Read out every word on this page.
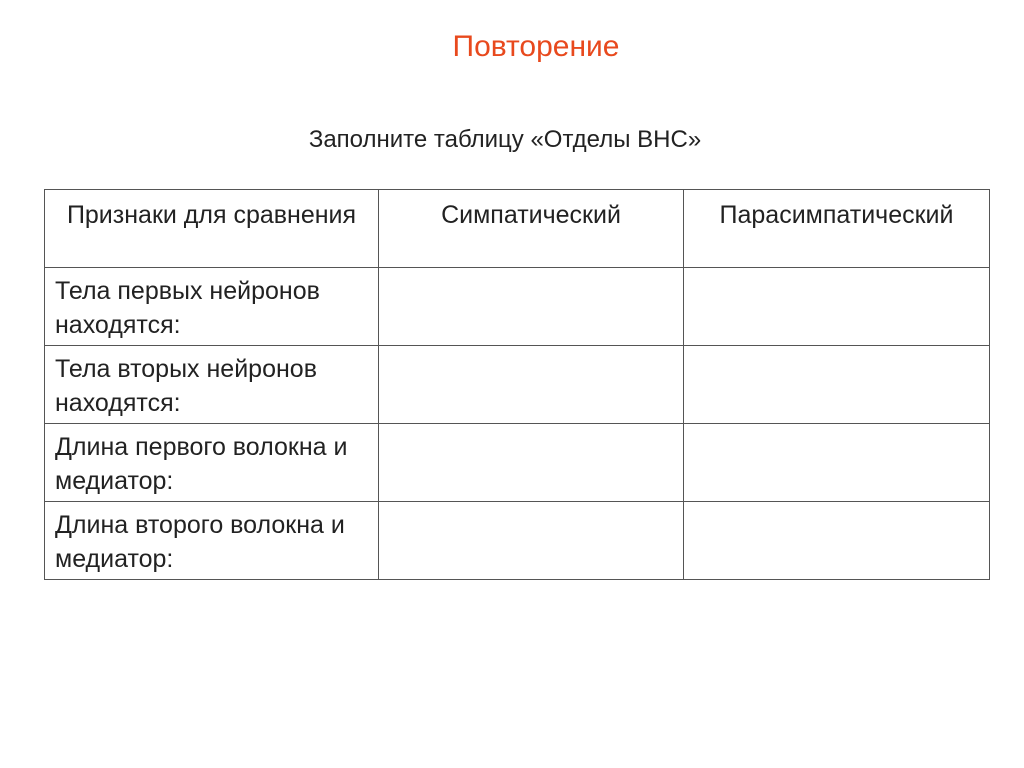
Повторение

Заполните таблицу «Отделы ВНС»

Признаки для сравнения	Симпатический	Парасимпатический
Тела первых нейронов находятся:		
Тела вторых нейронов находятся:		
Длина первого волокна и медиатор:		
Длина второго волокна и медиатор:		
